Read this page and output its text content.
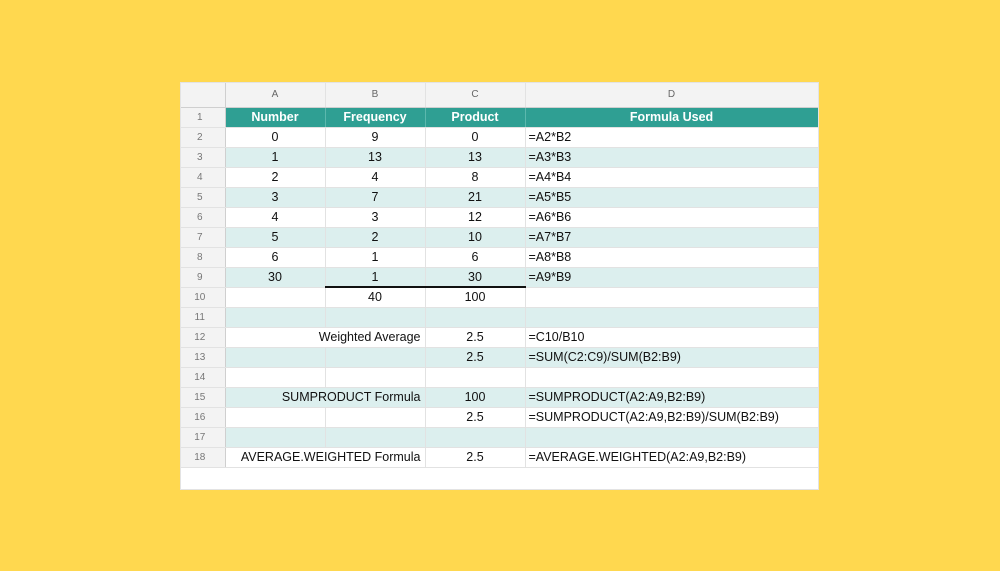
	A	B	C	D
1	Number	Frequency	Product	Formula Used
2	0	9	0	=A2*B2
3	1	13	13	=A3*B3
4	2	4	8	=A4*B4
5	3	7	21	=A5*B5
6	4	3	12	=A6*B6
7	5	2	10	=A7*B7
8	6	1	6	=A8*B8
9	30	1	30	=A9*B9
10		40	100	
11				
12	Weighted Average		2.5	=C10/B10
13			2.5	=SUM(C2:C9)/SUM(B2:B9)
14				
15	SUMPRODUCT Formula		100	=SUMPRODUCT(A2:A9,B2:B9)
16			2.5	=SUMPRODUCT(A2:A9,B2:B9)/SUM(B2:B9)
17				
18	AVERAGE.WEIGHTED Formula		2.5	=AVERAGE.WEIGHTED(A2:A9,B2:B9)
